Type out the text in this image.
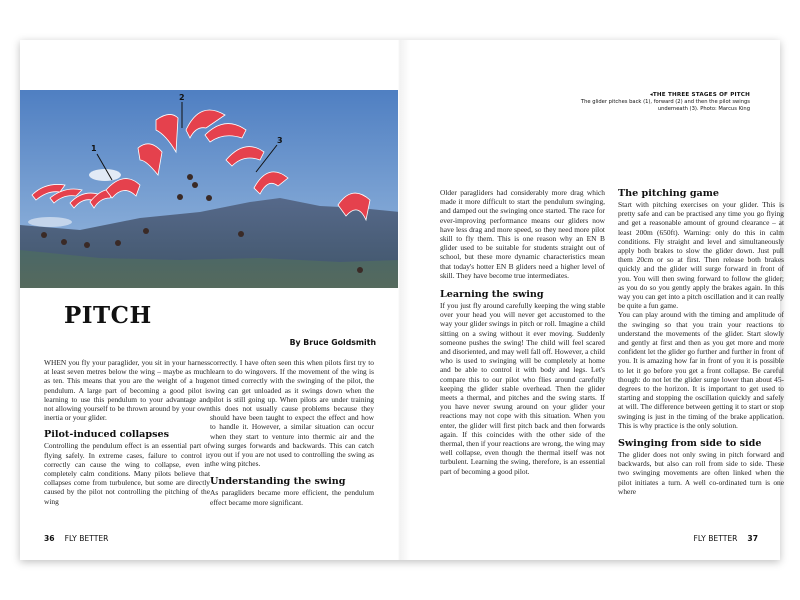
1
2
3
PITCH
By Bruce Goldsmith

WHEN you fly your paraglider, you sit in your harness at least seven metres below the wing – maybe as much as ten. This means that you are the weight of a huge pendulum. A large part of becoming a good pilot is learning to use this pendulum to your advantage and not allowing yourself to be thrown around by your own inertia or your glider.

Pilot-induced collapses

Controlling the pendulum effect is an essential part of flying safely. In extreme cases, failure to control it correctly can cause the wing to collapse, even in completely calm conditions. Many pilots believe that collapses come from turbulence, but some are directly caused by the pilot not controlling the pitching of the wing

correctly. I have often seen this when pilots first try to learn to do wingovers. If the movement of the wing is not timed correctly with the swinging of the pilot, the wing can get unloaded as it swings down when the pilot is still going up. When pilots are under training this does not usually cause problems because they should have been taught to expect the effect and how to handle it. However, a similar situation can occur when they start to venture into thermic air and the wing surges forwards and backwards. This can catch you out if you are not used to controlling the swing as the wing pitches.

Understanding the swing

As paragliders became more efficient, the pendulum effect became more significant.

36 FLY BETTER
◂THE THREE STAGES OF PITCH
The glider pitches back (1), forward (2) and then the pilot swings underneath (3). Photo: Marcus King

Older paragliders had considerably more drag which made it more difficult to start the pendulum swinging, and damped out the swinging once started. The race for ever-improving performance means our gliders now have less drag and more speed, so they need more pilot skill to fly them. This is one reason why an EN B glider used to be suitable for students straight out of school, but these more dynamic characteristics mean that today's hotter EN B gliders need a higher level of skill. They have become true intermediates.

Learning the swing

If you just fly around carefully keeping the wing stable over your head you will never get accustomed to the way your glider swings in pitch or roll. Imagine a child sitting on a swing without it ever moving. Suddenly someone pushes the swing! The child will feel scared and disoriented, and may well fall off. However, a child who is used to swinging will be completely at home and be able to control it with body and legs. Let's compare this to our pilot who flies around carefully keeping the glider stable overhead. Then the glider meets a thermal, and pitches and the swing starts. If you have never swung around on your glider your reactions may not cope with this situation. When you enter, the glider will first pitch back and then forwards again. If this coincides with the other side of the thermal, then if your reactions are wrong, the wing may well collapse, even though the thermal itself was not turbulent. Learning the swing, therefore, is an essential part of becoming a good pilot.

The pitching game

Start with pitching exercises on your glider. This is pretty safe and can be practised any time you go flying and get a reasonable amount of ground clearance – at least 200m (650ft). Warning: only do this in calm conditions. Fly straight and level and simultaneously apply both brakes to slow the glider down. Just pull them 20cm or so at first. Then release both brakes quickly and the glider will surge forward in front of you. You will then swing forward to follow the glider; as you do so you gently apply the brakes again. In this way you can get into a pitch oscillation and it can really be quite a fun game.

You can play around with the timing and amplitude of the swinging so that you train your reactions to understand the movements of the glider. Start slowly and gently at first and then as you get more and more confident let the glider go further and further in front of you. It is amazing how far in front of you it is possible to let it go before you get a front collapse. Be careful though: do not let the glider surge lower than about 45-degrees to the horizon. It is important to get used to starting and stopping the oscillation quickly and safely at will. The difference between getting it to start or stop swinging is just in the timing of the brake application. This is why practice is the only solution.

Swinging from side to side

The glider does not only swing in pitch forward and backwards, but also can roll from side to side. These two swinging movements are often linked when the pilot initiates a turn. A well co-ordinated turn is one where

FLY BETTER 37
